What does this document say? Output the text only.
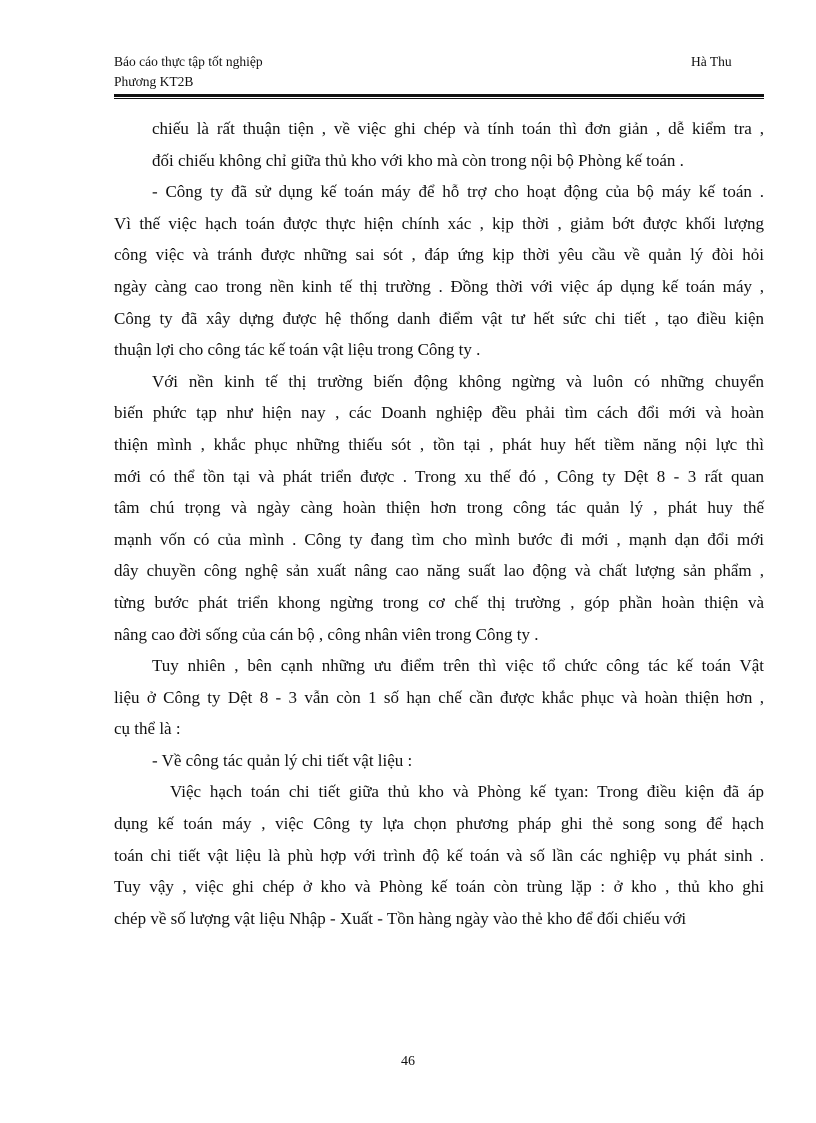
Báo cáo thực tập tốt nghiệp
Phương KT2B
Hà Thu
chiếu là rất thuận tiện , về việc ghi chép và tính toán thì đơn giản , dễ kiểm tra ,
đối chiếu không chỉ giữa thủ kho với kho mà còn trong nội bộ Phòng kế toán .
- Công ty đã sử dụng kế toán máy để hỗ trợ cho hoạt động của bộ máy kế toán .
Vì thế việc hạch toán được thực hiện chính xác , kịp thời , giảm bớt được khối lượng
công việc và tránh được những sai sót , đáp ứng kịp thời yêu cầu về quản lý đòi hỏi
ngày càng cao trong nền kinh tế thị trường . Đồng thời với việc áp dụng kế toán máy ,
Công ty đã xây dựng được hệ thống danh điểm vật tư hết sức chi tiết , tạo điều kiện
thuận lợi cho công tác kế toán vật liệu trong Công ty .
Với nền kinh tế thị trường biến động không ngừng và luôn có những chuyển
biến phức tạp như hiện nay , các Doanh nghiệp đều phải tìm cách đổi mới và hoàn
thiện mình , khắc phục những thiếu sót , tồn tại , phát huy hết tiềm năng nội lực thì
mới có thể tồn tại và phát triển được . Trong xu thế đó , Công ty Dệt 8 - 3 rất quan
tâm chú trọng và ngày càng hoàn thiện hơn trong công tác quản lý , phát huy thế
mạnh vốn có của mình . Công ty đang tìm cho mình bước đi mới , mạnh dạn đổi mới
dây chuyền công nghệ sản xuất nâng cao năng suất lao động và chất lượng sản phẩm ,
từng bước phát triển khong ngừng trong cơ chế thị trường , góp phần hoàn thiện và
nâng cao đời sống của cán bộ , công nhân viên trong Công ty .
Tuy nhiên , bên cạnh những ưu điểm trên thì việc tổ chức công tác kế toán Vật
liệu ở Công ty Dệt 8 - 3 vẫn còn 1 số hạn chế cần được khắc phục và hoàn thiện hơn ,
cụ thể là :
- Về công tác quản lý chi tiết vật liệu :
Việc hạch toán chi tiết giữa thủ kho và Phòng kế tỵan: Trong điều kiện đã áp
dụng kế toán máy , việc Công ty lựa chọn phương pháp ghi thẻ song song để hạch
toán chi tiết vật liệu là phù hợp với trình độ kế toán và số lần các nghiệp vụ phát sinh .
Tuy vậy , việc ghi chép ở kho và Phòng kế toán còn trùng lặp : ở kho , thủ kho ghi
chép về số lượng vật liệu Nhập - Xuất - Tồn hàng ngày vào thẻ kho để đối chiếu với
46
